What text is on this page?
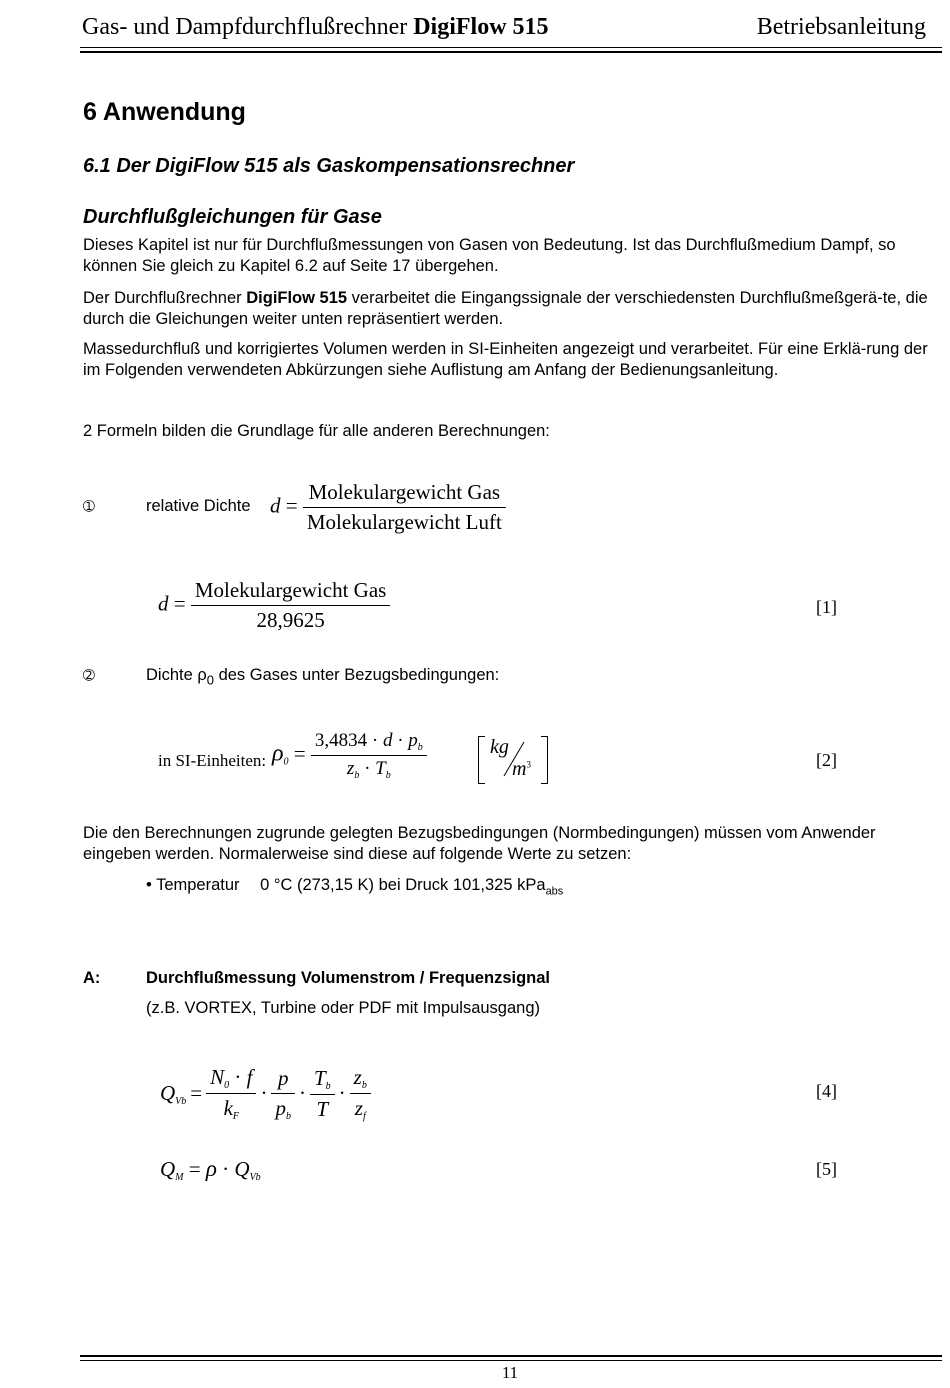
Gas- und Dampfdurchflußrechner DigiFlow 515	Betriebsanleitung
6 Anwendung
6.1 Der DigiFlow 515 als Gaskompensationsrechner
Durchflußgleichungen für Gase
Dieses Kapitel ist nur für Durchflußmessungen von Gasen von Bedeutung. Ist das Durchflußmedium Dampf, so können Sie gleich zu Kapitel 6.2 auf Seite 17 übergehen.
Der Durchflußrechner DigiFlow 515 verarbeitet die Eingangssignale der verschiedensten Durchflußmeßgerä-te, die durch die Gleichungen weiter unten repräsentiert werden.
Massedurchfluß und korrigiertes Volumen werden in SI-Einheiten angezeigt und verarbeitet. Für eine Erklä-rung der im Folgenden verwendeten Abkürzungen siehe Auflistung am Anfang der Bedienungsanleitung.
2 Formeln bilden die Grundlage für alle anderen Berechnungen:
➀	relative Dichte $d = \frac{\text{Molekulargewicht Gas}}{\text{Molekulargewicht Luft}}$
$d = \frac{\text{Molekulargewicht Gas}}{28,9625}$	[1]
➁	Dichte $\rho_0$ des Gases unter Bezugsbedingungen:
in SI-Einheiten: $\rho_0 = \frac{3,4834 \cdot d \cdot p_b}{z_b \cdot T_b}$	kg
$m^3$	[2]
Die den Berechnungen zugrunde gelegten Bezugsbedingungen (Normbedingungen) müssen vom Anwender eingeben werden. Normalerweise sind diese auf folgende Werte zu setzen:
• Temperatur 0 °C (273,15 K) bei Druck 101,325 kPa$_{abs}$
A:	Durchflußmessung Volumenstrom / Frequenzsignal
(z.B. VORTEX, Turbine oder PDF mit Impulsausgang)
$Q_{Vb} = \frac{N_0 \cdot f}{k_F} \cdot \frac{p}{p_b} \cdot \frac{T_b}{T} \cdot \frac{z_b}{z_f}$	[4]
$Q_M = \rho \cdot Q_{Vb}$	[5]
11
